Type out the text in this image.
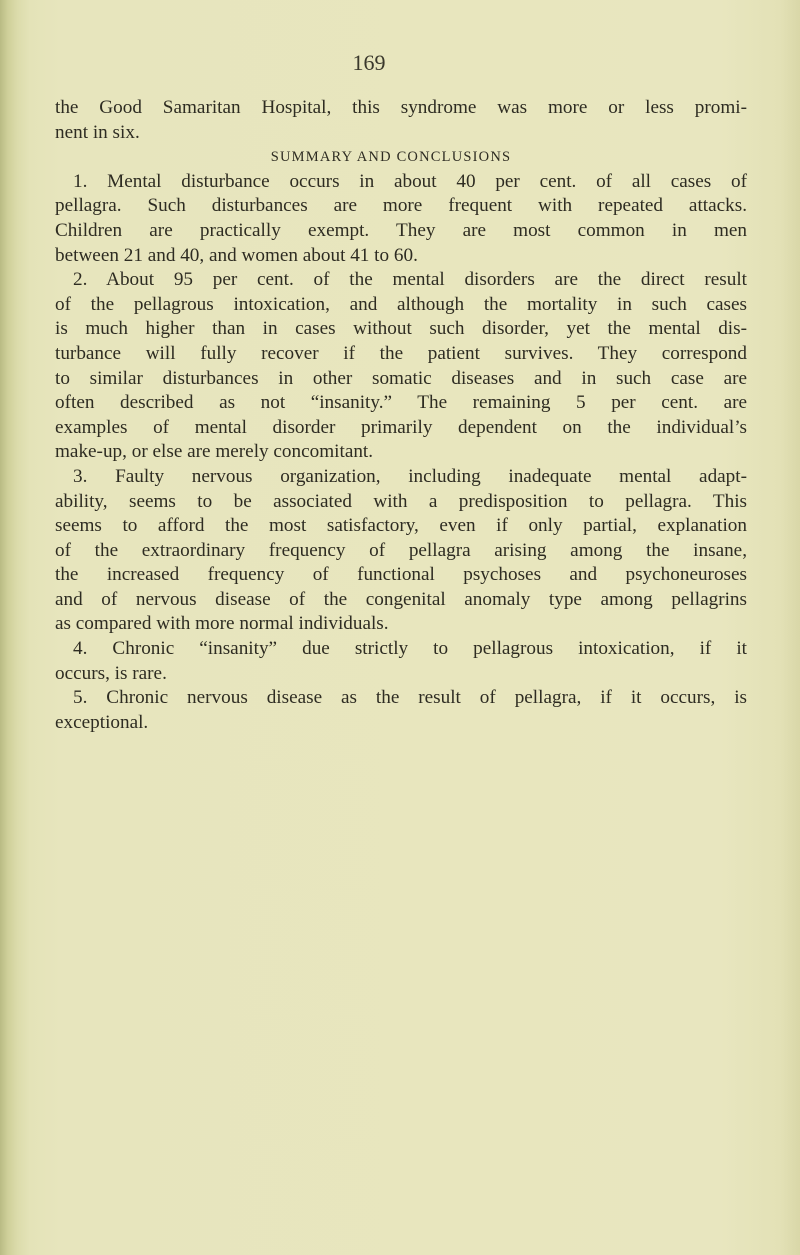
169
the Good Samaritan Hospital, this syndrome was more or less promi-
nent in six.
SUMMARY AND CONCLUSIONS
1. Mental disturbance occurs in about 40 per cent. of all cases of
pellagra. Such disturbances are more frequent with repeated attacks.
Children are practically exempt. They are most common in men
between 21 and 40, and women about 41 to 60.
2. About 95 per cent. of the mental disorders are the direct result
of the pellagrous intoxication, and although the mortality in such cases
is much higher than in cases without such disorder, yet the mental dis-
turbance will fully recover if the patient survives. They correspond
to similar disturbances in other somatic diseases and in such case are
often described as not “insanity.” The remaining 5 per cent. are
examples of mental disorder primarily dependent on the individual’s
make-up, or else are merely concomitant.
3. Faulty nervous organization, including inadequate mental adapt-
ability, seems to be associated with a predisposition to pellagra. This
seems to afford the most satisfactory, even if only partial, explanation
of the extraordinary frequency of pellagra arising among the insane,
the increased frequency of functional psychoses and psychoneuroses
and of nervous disease of the congenital anomaly type among pellagrins
as compared with more normal individuals.
4. Chronic “insanity” due strictly to pellagrous intoxication, if it
occurs, is rare.
5. Chronic nervous disease as the result of pellagra, if it occurs, is
exceptional.
